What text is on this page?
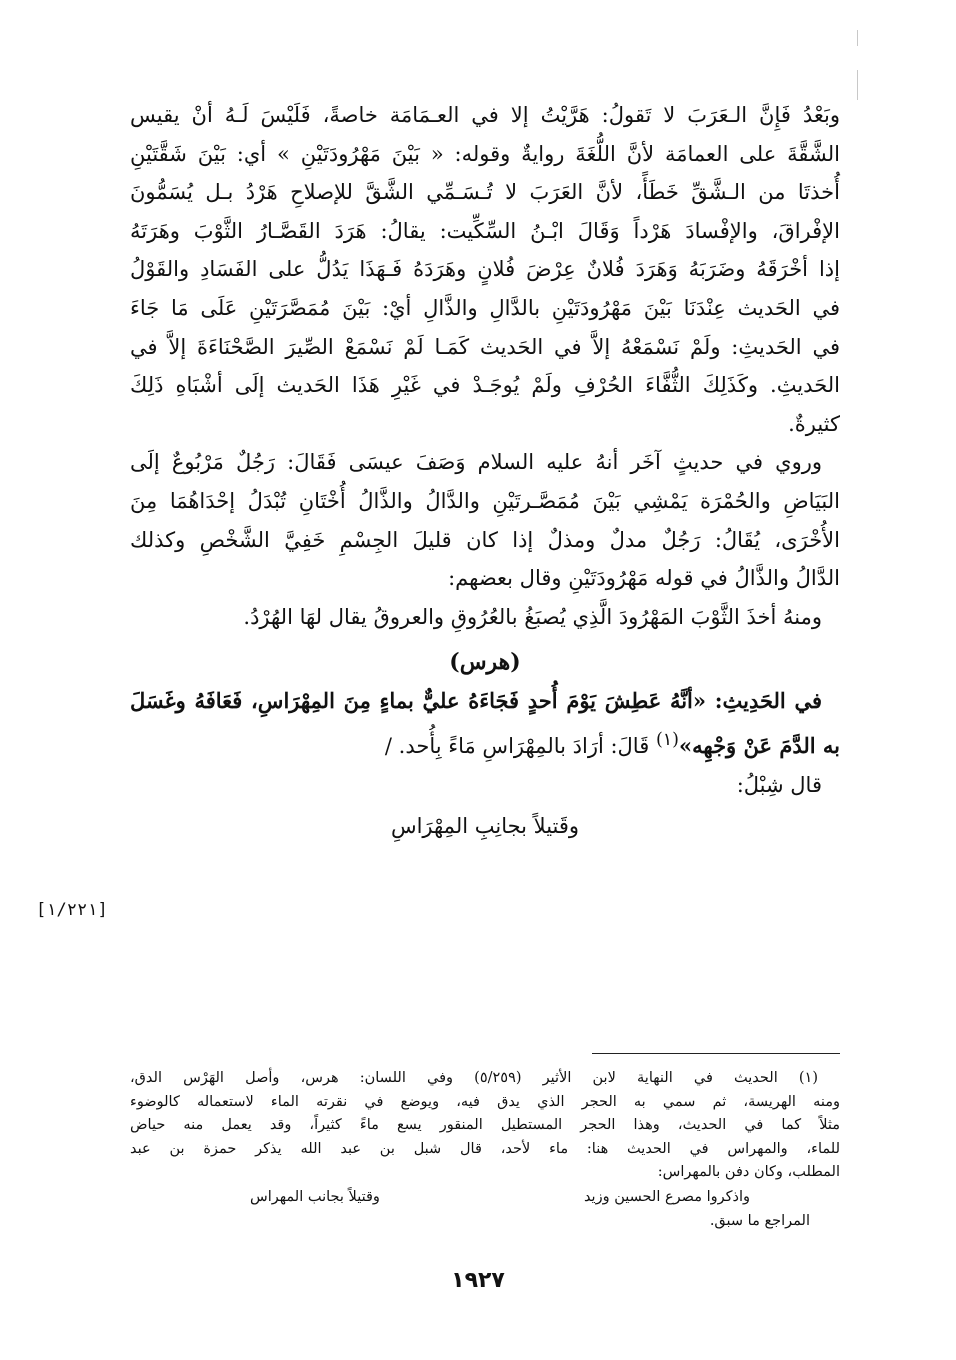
وبَعْدُ فَإِنَّ الـعَرَبَ لا تَقولُ: هَرَّيْتُ إلا في العـمَامَة خاصةً، فَلَيْسَ لَـهُ أنْ يقيس
الشَّقَّةَ على العمامَة لأنَّ اللُّغَةَ روايةٌ وقوله: « بَيْنَ مَهْرُودَتَيْنِ » أي: بَيْنَ شَقَّتَيْنِ
أُخذتَا من الـشَّقِّ خَطَأً، لأنَّ العَرَبَ لا تُـسَـمِّي الشَّقَّ للإصلاحِ هَرْدُ بـل يُسَمُّونَ
الإفْراقَ، والإفْسادَ هَرْداً وَقَالَ ابْـنُ السِّكِّيت: يقالُ: هَرَدَ القَصَّـارُ الثَّوْبَ وهَرَتَهُ
إذا أخْرَقَهُ وضَرَبَهُ وَهَرَدَ فُلانٌ عِرْضَ فُلانٍ وهَرَدَهُ فَـهَذَا يَدُلُّ على الفَسَادِ والقَوْلُ
في الحَديث عِنْدَنَا بَيْنَ مَهْرُودَتَيْنِ بالدَّالِ والذَّالِ أيْ: بَيْنَ مُمَصَّرَتَيْنِ عَلَى مَا جَاءَ
في الحَديثِ: ولَمْ نَسْمَعْهُ إلاَّ في الحَديث كَمَـا لَمْ نَسْمَعْ الصِّيرَ الصَّحْنَاءَةَ إلاَّ في
الحَديثِ. وكَذَلِكَ الثُّفَّاءَ الحُرْفِ ولَمْ يُوجَـدْ في غَيْرِ هَذَا الحَديث إلَى أشْبَاهِ ذَلِكَ
كثيرةٌ.
وروي في حديثٍ آخَر أنهُ عليه السلام وَصَفَ عيسَى فَقَالَ: رَجُلٌ مَرْبُوعٌ إلَى
البَيَاضِ والحُمْرَة يَمْشِي بَيْنَ مُمَصَّـرتَيْنِ والدَّالُ والذَّالُ أُخْتَانِ تُبْدَلُ إحْدَاهُمَا مِنَ
الأُخْرَى، يُقَالُ: رَجُلٌ مدلٌ ومذلٌ إذا كان قليلَ الجِسْمِ خَفِيَّ الشَّخْصِ وكذلك
الدَّالُ والذَّالُ في قوله مَهْرُودَتَيْنِ وقال بعضهم:
ومنهُ أخذَ الثَّوْبَ المَهْرُودَ الَّذِي يُصبَغُ بالعُرُوقِ والعروقُ يقال لهَا الهُرْدُ.
(هرس)
في الحَدِيثِ: «أنَّهُ عَطِشَ يَوْمَ أُحدٍ فَجَاءَهُ عليٌّ بماءٍ مِنَ المِهْرَاسِ، فَعَافَهُ وغَسَلَ
به الدَّمَ عَنْ وَجْهِه»$^{(١)}$ قَالَ: أرَادَ بالمِهْرَاسِ مَاءً بِأُحد. /
قال شِبْلُ:
وقَتيلاً بجانِبِ المِهْرَاسِ
[١/٢٢١]
(١) الحديث في النهاية لابن الأثير (٥/٢٥٩) وفي اللسان: هرس، وأصل الهَرْس الدق،
ومنه الهريسة، ثم سمي به الحجر الذي يدق فيه، ويوضع في نقرته الماء لاستعماله كالوضوء
مثلاً كما في الحديث، وهذا الحجر المستطيل المنقور يسع ماءً كثيراً، وقد يعمل منه حياض
للماء، والمهراس في الحديث هنا: ماء لأحد، قال شبل بن عبد الله يذكر حمزة بن عبد
المطلب، وكان دفن بالمهراس:
واذكروا مصرع الحسين وزيد
وقتيلاً بجانب المهراس
المراجع ما سبق.
١٩٢٧
